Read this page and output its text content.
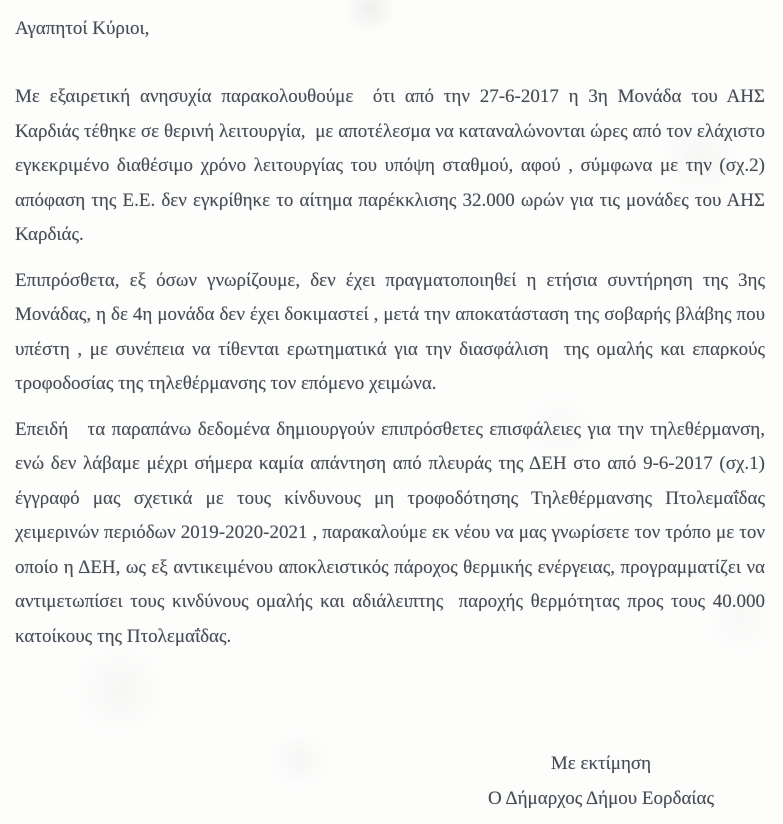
Αγαπητοί Κύριοι,

Με εξαιρετική ανησυχία παρακολουθούμε  ότι από την 27-6-2017 η 3η Μονάδα του ΑΗΣ Καρδιάς τέθηκε σε θερινή λειτουργία,  με αποτέλεσμα να καταναλώνονται ώρες από τον ελάχιστο εγκεκριμένο διαθέσιμο χρόνο λειτουργίας του υπόψη σταθμού, αφού , σύμφωνα με την (σχ.2) απόφαση της Ε.Ε. δεν εγκρίθηκε το αίτημα παρέκκλισης 32.000 ωρών για τις μονάδες του ΑΗΣ Καρδιάς.

Επιπρόσθετα, εξ όσων γνωρίζουμε, δεν έχει πραγματοποιηθεί η ετήσια συντήρηση της 3ης Μονάδας, η δε 4η μονάδα δεν έχει δοκιμαστεί , μετά την αποκατάσταση της σοβαρής βλάβης που υπέστη , με συνέπεια να τίθενται ερωτηματικά για την διασφάλιση  της ομαλής και επαρκούς τροφοδοσίας της τηλεθέρμανσης τον επόμενο χειμώνα.

Επειδή   τα παραπάνω δεδομένα δημιουργούν επιπρόσθετες επισφάλειες για την τηλεθέρμανση, ενώ δεν λάβαμε μέχρι σήμερα καμία απάντηση από πλευράς της ΔΕΗ στο από 9-6-2017 (σχ.1) έγγραφό μας σχετικά με τους κίνδυνους μη τροφοδότησης Τηλεθέρμανσης Πτολεμαΐδας χειμερινών περιόδων 2019-2020-2021 , παρακαλούμε εκ νέου να μας γνωρίσετε τον τρόπο με τον οποίο η ΔΕΗ, ως εξ αντικειμένου αποκλειστικός πάροχος θερμικής ενέργειας, προγραμματίζει να αντιμετωπίσει τους κινδύνους ομαλής και αδιάλειπτης  παροχής θερμότητας προς τους 40.000 κατοίκους της Πτολεμαΐδας.

Με εκτίμηση

Ο Δήμαρχος Δήμου Εορδαίας
